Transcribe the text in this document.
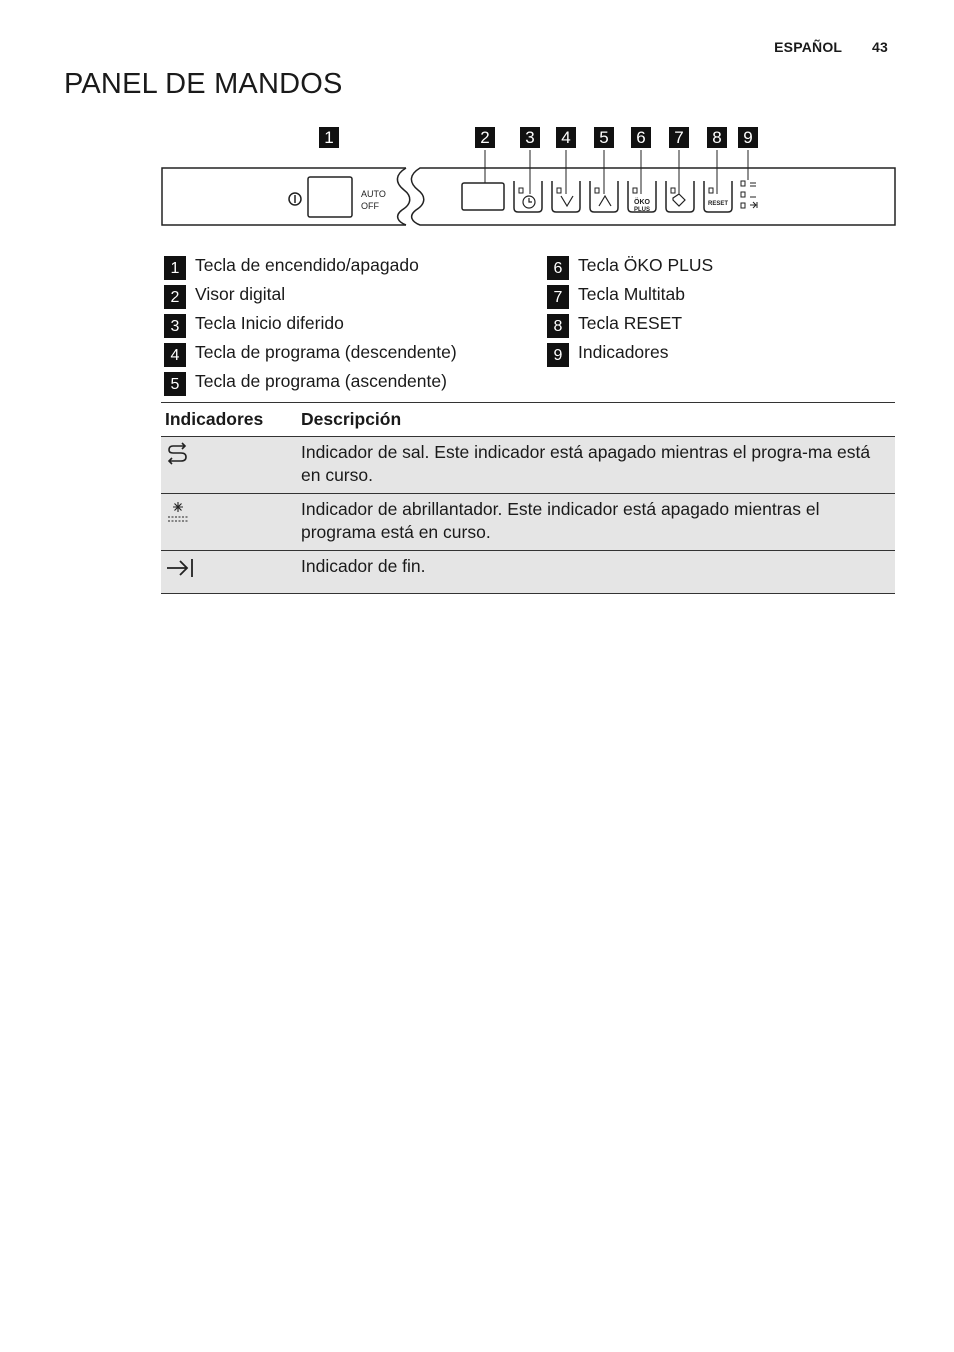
ESPAÑOL 43
PANEL DE MANDOS
AUTO
OFF	ÖKO
PLUS
RESET
1	2	3	4	5	6	7	8	9
1 Tecla de encendido/apagado
2 Visor digital
3 Tecla Inicio diferido
4 Tecla de programa (descendente)
5 Tecla de programa (ascendente)
6 Tecla ÖKO PLUS
7 Tecla Multitab
8 Tecla RESET
9 Indicadores
Indicadores	Descripción
	Indicador de sal. Este indicador está apagado mientras el progra-ma está en curso.
	Indicador de abrillantador. Este indicador está apagado mientras el programa está en curso.
	Indicador de fin.
